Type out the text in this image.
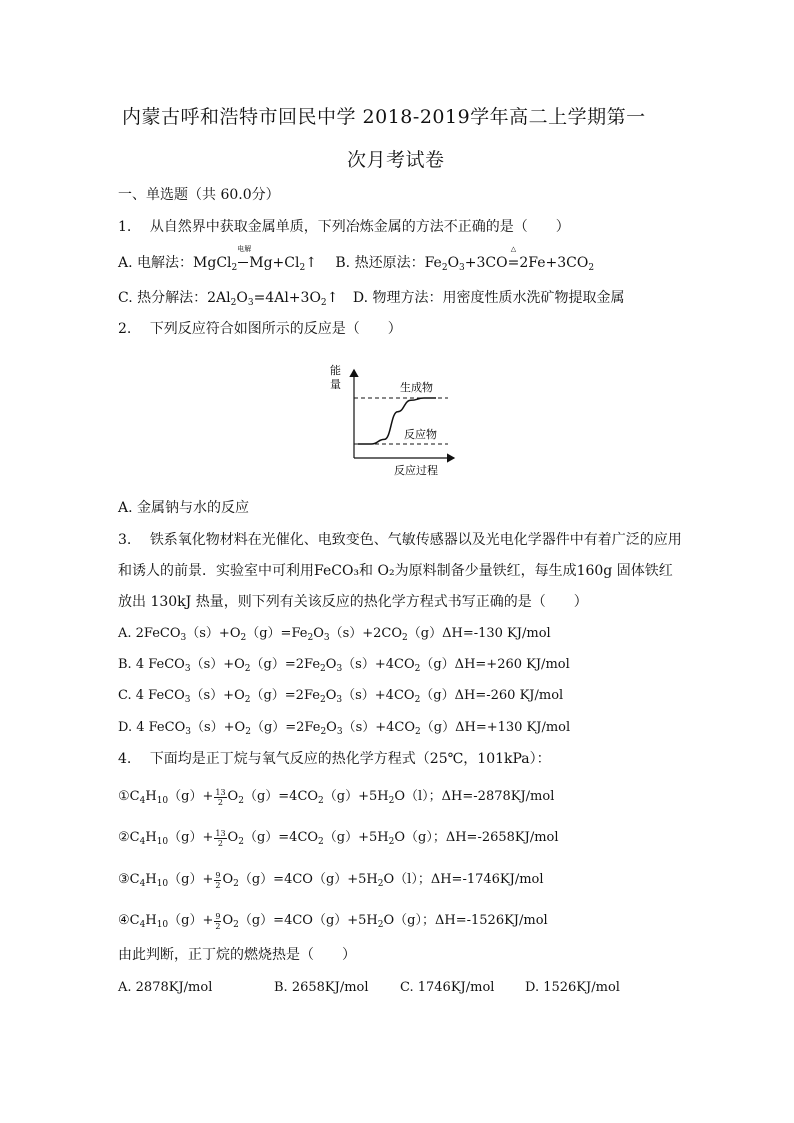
内蒙古呼和浩特市回民中学 2018-2019学年高二上学期第一
次月考试卷
一、单选题（共 60.0分）
1. 从自然界中获取金属单质，下列冶炼金属的方法不正确的是（　　）
A. 电解法：MgCl$_2$
电解
$Mg+Cl_2↑$ B. 热还原法：$Fe_2O_3+3CO$
△
$=2Fe+3CO_2$
C. 热分解法：$2Al_2O_3=4Al+3O_2↑$ D. 物理方法：用密度性质水洗矿物提取金属
2. 下列反应符合如图所示的反应是（　　）
能量	生成物
反应物
反应过程
A. 金属钠与水的反应
3. 铁系氧化物材料在光催化、电致变色、气敏传感器以及光电化学器件中有着广泛的应用
和诱人的前景．实验室中可利用FeCO₃和 O₂为原料制备少量铁红，每生成160g 固体铁红
放出 130kJ 热量，则下列有关该反应的热化学方程式书写正确的是（　　）
A. $2FeCO_3(s)+O_2(g)=Fe_2O_3(s)+2CO_2(g)\Delta H=-130$ KJ/mol
B. 4 $FeCO_3(s)+O_2(g)=2Fe_2O_3(s)+4CO_2(g)\Delta H=+260$ KJ/mol
C. 4 $FeCO_3(s)+O_2(g)=2Fe_2O_3(s)+4CO_2(g)\Delta H=-260$ KJ/mol
D. 4 $FeCO_3(s)+O_2(g)=2Fe_2O_3(s)+4CO_2(g)\Delta H=+130$ KJ/mol
4. 下面均是正丁烷与氧气反应的热化学方程式（25℃，101kPa）：
$①C_4H_{10}(g)+ \frac{13}{2} O_2(g)=4CO_2(g)+5H_2O(l)$；ΔH=-2878KJ/mol
$②C_4H_{10}(g)+ \frac{13}{2} O_2(g)=4CO_2(g)+5H_2O(g)$；ΔH=-2658KJ/mol
$③C_4H_{10}(g)+ \frac{9}{2} O_2(g)=4CO(g)+5H_2O(l)$；ΔH=-1746KJ/mol
$④C_4H_{10}(g)+ \frac{9}{2} O_2(g)=4CO(g)+5H_2O(g)$；ΔH=-1526KJ/mol
由此判断，正丁烷的燃烧热是（　　）
A. 2878KJ/mol	B. 2658KJ/mol C. 1746KJ/mol D. 1526KJ/mol
